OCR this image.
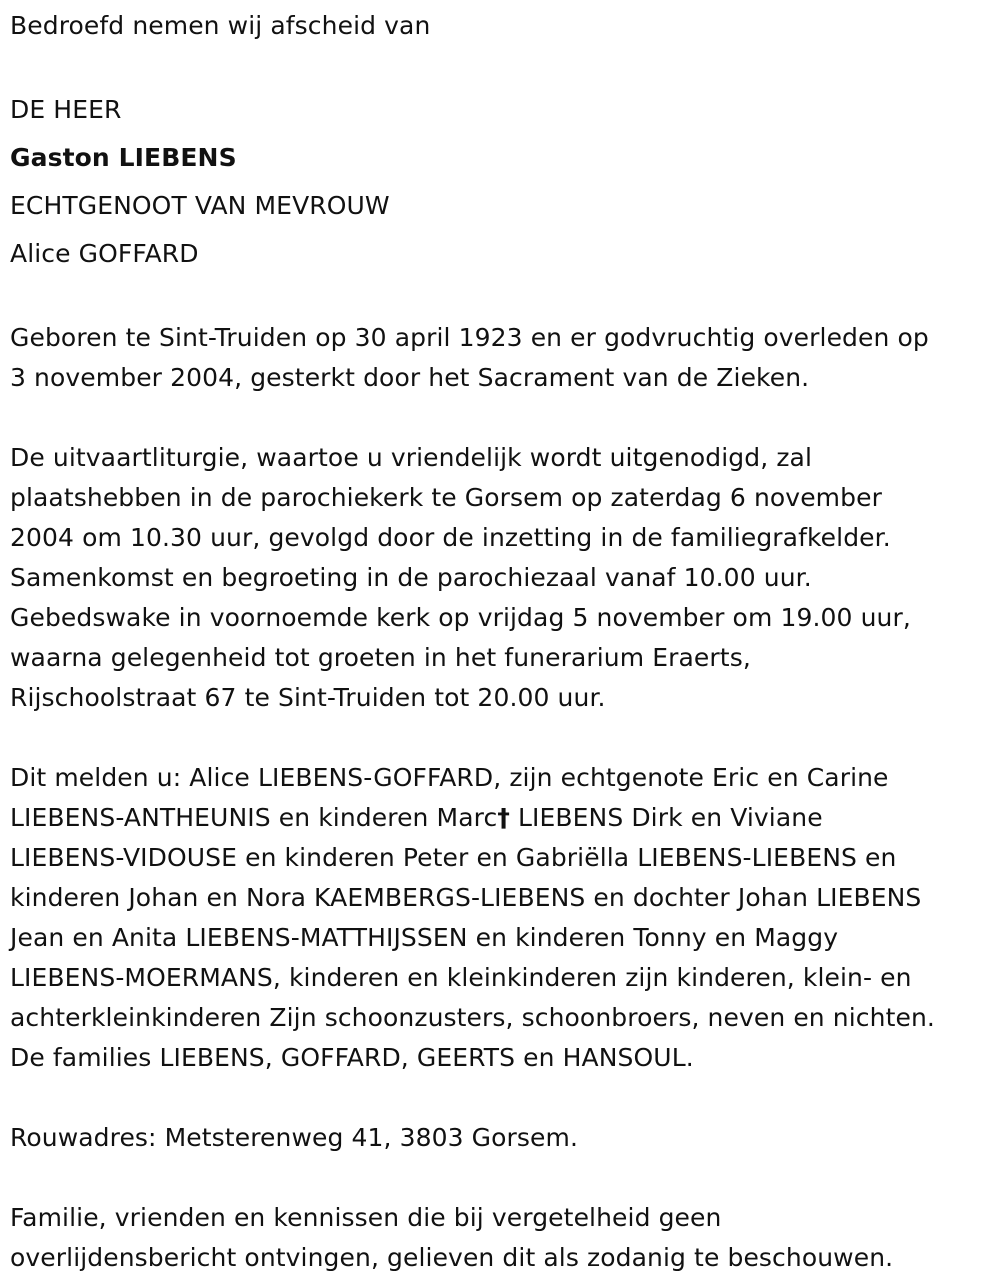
Bedroefd nemen wij afscheid van

DE HEER

Gaston LIEBENS

ECHTGENOOT VAN MEVROUW

Alice GOFFARD

Geboren te Sint-Truiden op 30 april 1923 en er godvruchtig overleden op

3 november 2004, gesterkt door het Sacrament van de Zieken.

De uitvaartliturgie, waartoe u vriendelijk wordt uitgenodigd, zal

plaatshebben in de parochiekerk te Gorsem op zaterdag 6 november

2004 om 10.30 uur, gevolgd door de inzetting in de familiegrafkelder.

Samenkomst en begroeting in de parochiezaal vanaf 10.00 uur.

Gebedswake in voornoemde kerk op vrijdag 5 november om 19.00 uur,

waarna gelegenheid tot groeten in het funerarium Eraerts,

Rijschoolstraat 67 te Sint-Truiden tot 20.00 uur.

Dit melden u: Alice LIEBENS-GOFFARD, zijn echtgenote Eric en Carine

LIEBENS-ANTHEUNIS en kinderen Marc† LIEBENS Dirk en Viviane

LIEBENS-VIDOUSE en kinderen Peter en Gabriëlla LIEBENS-LIEBENS en

kinderen Johan en Nora KAEMBERGS-LIEBENS en dochter Johan LIEBENS

Jean en Anita LIEBENS-MATTHIJSSEN en kinderen Tonny en Maggy

LIEBENS-MOERMANS, kinderen en kleinkinderen zijn kinderen, klein- en

achterkleinkinderen Zijn schoonzusters, schoonbroers, neven en nichten.

De families LIEBENS, GOFFARD, GEERTS en HANSOUL.

Rouwadres: Metsterenweg 41, 3803 Gorsem.

Familie, vrienden en kennissen die bij vergetelheid geen

overlijdensbericht ontvingen, gelieven dit als zodanig te beschouwen.
